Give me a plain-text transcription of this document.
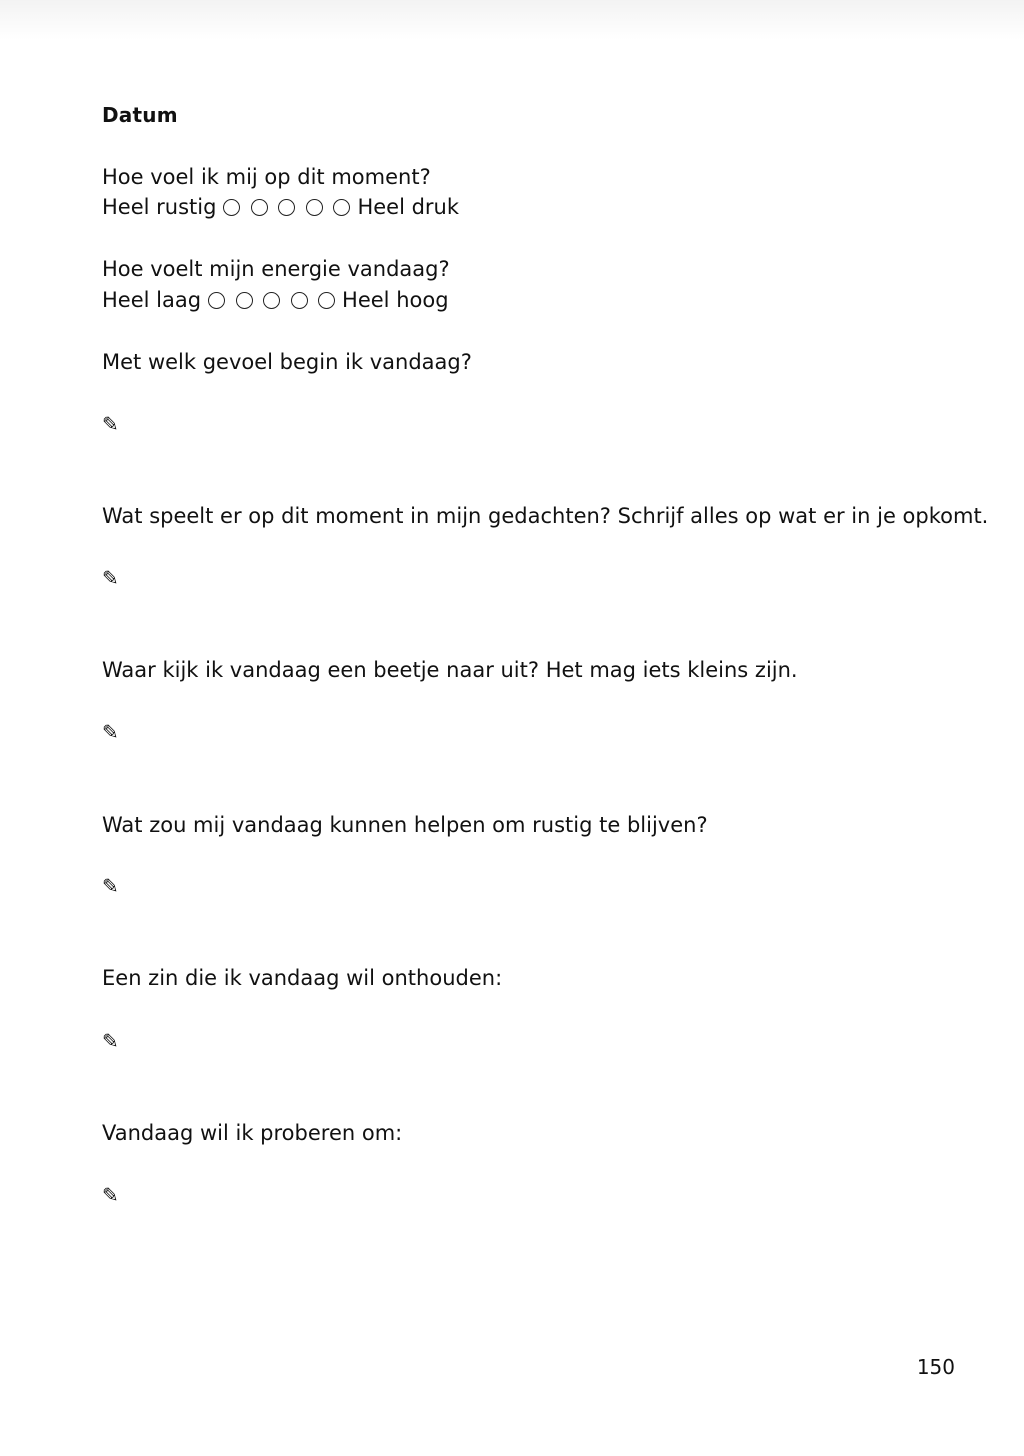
Datum
Hoe voel ik mij op dit moment?
Heel rustig	Heel druk
Hoe voelt mijn energie vandaag?
Heel laag	Heel hoog
Met welk gevoel begin ik vandaag?
✎
Wat speelt er op dit moment in mijn gedachten? Schrijf alles op wat er in je opkomt.
✎
Waar kijk ik vandaag een beetje naar uit? Het mag iets kleins zijn.
✎
Wat zou mij vandaag kunnen helpen om rustig te blijven?
✎
Een zin die ik vandaag wil onthouden:
✎
Vandaag wil ik proberen om:
✎
150
